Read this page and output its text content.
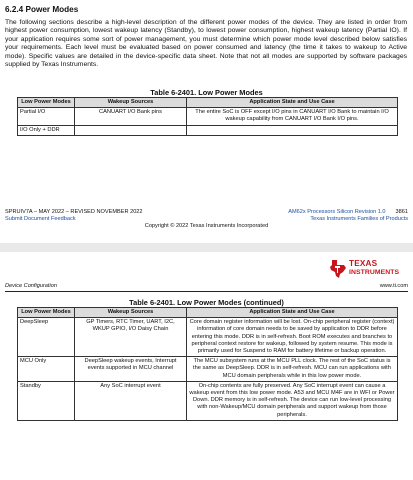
6.2.4 Power Modes
The following sections describe a high-level description of the different power modes of the device. They are listed in order from highest power consumption, lowest wakeup latency (Standby), to lowest power consumption, highest wakeup latency (Partial IO). If your application requires some sort of power management, you must determine which power mode level described below satisfies your requirements. Each level must be evaluated based on power consumed and latency (the time it takes to wakeup to Active mode). Specific values are detailed in the device-specific data sheet. Note that not all modes are supported by software packages supplied by Texas Instruments.
Table 6-2401. Low Power Modes
Low Power Modes	Wakeup Sources	Application State and Use Case
Partial I/O	CANUART I/O Bank pins	The entire SoC is OFF except I/O pins in CANUART I/O Bank to maintain I/O wakeup capability from CANUART I/O Bank I/O pins.
I/O Only + DDR		
SPRUIV7A – MAY 2022 – REVISED NOVEMBER 2022
Submit Document Feedback
AM62x Processors Silicon Revision 1.0 3861
Texas Instruments Families of Products
Copyright © 2022 Texas Instruments Incorporated
TEXAS
INSTRUMENTS
Device Configuration	www.ti.com
Table 6-2401. Low Power Modes (continued)
Low Power Modes	Wakeup Sources	Application State and Use Case
DeepSleep	GP Timers, RTC Timer, UART, I2C, WKUP GPIO, I/O Daisy Chain	Core domain register information will be lost. On-chip peripheral register (context) information of core domain needs to be saved by application to DDR before entering this mode. DDR is in self-refresh. Boot ROM executes and branches to peripheral context restore for wakeup, followed by system resume. This mode is primarily used for Suspend to RAM for battery lifetime or backup operation.
MCU Only	DeepSleep wakeup events, Interrupt events supported in MCU channel	The MCU subsystem runs at the MCU PLL clock. The rest of the SoC status is the same as DeepSleep. DDR is in self-refresh. MCU can run applications with MCU domain peripherals while in this low power mode.
Standby	Any SoC interrupt event	On-chip contents are fully preserved. Any SoC interrupt event can cause a wakeup event from this low power mode. A53 and MCU M4F are in WFI or Power Down. DDR memory is in self-refresh. The device can run low-level processing with non-Wakeup/MCU domain peripherals and support wakeup from those peripherals.
